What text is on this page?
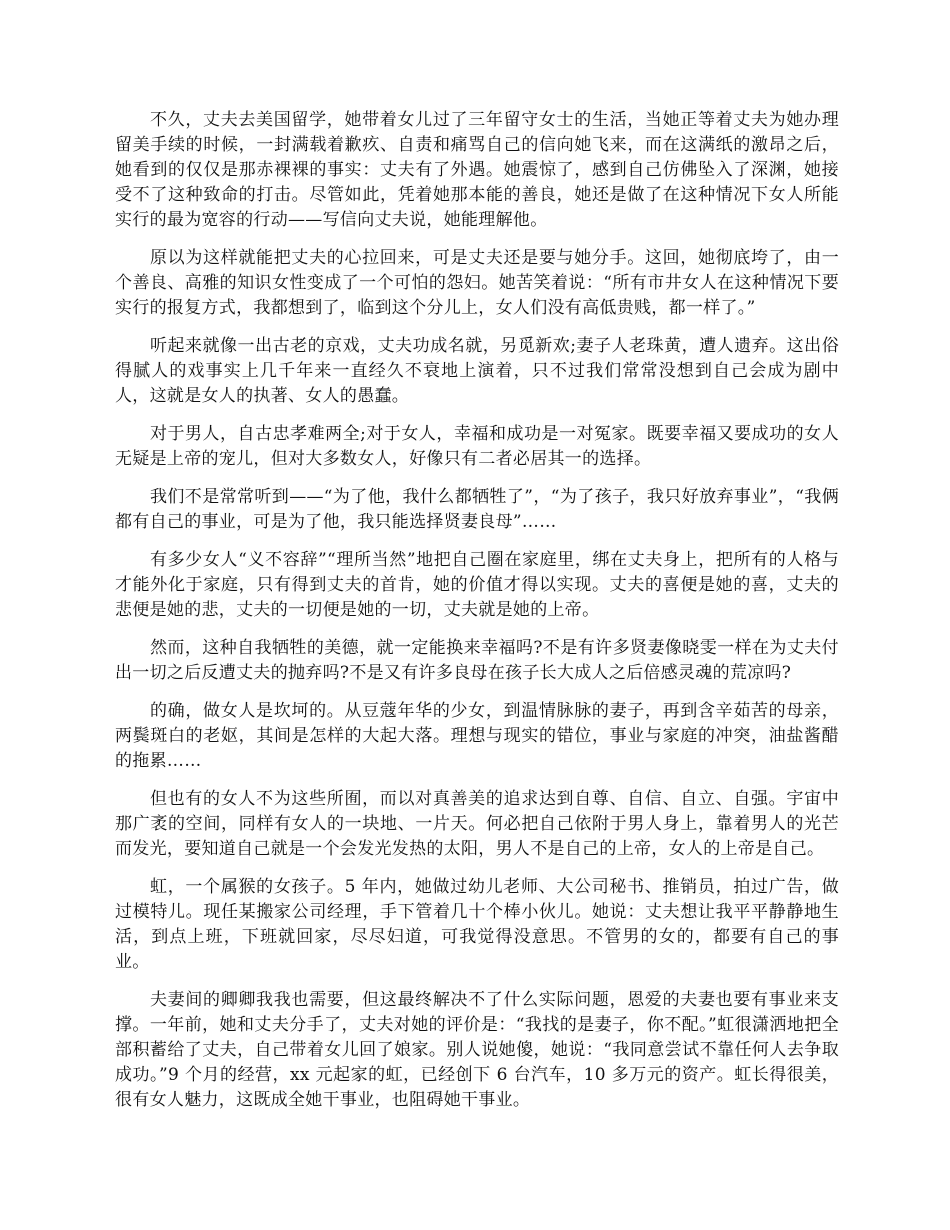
不久，丈夫去美国留学，她带着女儿过了三年留守女士的生活，当她正等着丈夫为她办理留美手续的时候，一封满载着歉疚、自责和痛骂自己的信向她飞来，而在这满纸的激昂之后，她看到的仅仅是那赤裸裸的事实：丈夫有了外遇。她震惊了，感到自己仿佛坠入了深渊，她接受不了这种致命的打击。尽管如此，凭着她那本能的善良，她还是做了在这种情况下女人所能实行的最为宽容的行动——写信向丈夫说，她能理解他。

原以为这样就能把丈夫的心拉回来，可是丈夫还是要与她分手。这回，她彻底垮了，由一个善良、高雅的知识女性变成了一个可怕的怨妇。她苦笑着说：“所有市井女人在这种情况下要实行的报复方式，我都想到了，临到这个分儿上，女人们没有高低贵贱，都一样了。”

听起来就像一出古老的京戏，丈夫功成名就，另觅新欢;妻子人老珠黄，遭人遗弃。这出俗得腻人的戏事实上几千年来一直经久不衰地上演着，只不过我们常常没想到自己会成为剧中人，这就是女人的执著、女人的愚蠢。

对于男人，自古忠孝难两全;对于女人，幸福和成功是一对冤家。既要幸福又要成功的女人无疑是上帝的宠儿，但对大多数女人，好像只有二者必居其一的选择。

我们不是常常听到——“为了他，我什么都牺牲了”，“为了孩子，我只好放弃事业”，“我俩都有自己的事业，可是为了他，我只能选择贤妻良母”……

有多少女人“义不容辞”“理所当然”地把自己圈在家庭里，绑在丈夫身上，把所有的人格与才能外化于家庭，只有得到丈夫的首肯，她的价值才得以实现。丈夫的喜便是她的喜，丈夫的悲便是她的悲，丈夫的一切便是她的一切，丈夫就是她的上帝。

然而，这种自我牺牲的美德，就一定能换来幸福吗?不是有许多贤妻像晓雯一样在为丈夫付出一切之后反遭丈夫的抛弃吗?不是又有许多良母在孩子长大成人之后倍感灵魂的荒凉吗?

的确，做女人是坎坷的。从豆蔻年华的少女，到温情脉脉的妻子，再到含辛茹苦的母亲，两鬓斑白的老妪，其间是怎样的大起大落。理想与现实的错位，事业与家庭的冲突，油盐酱醋的拖累……

但也有的女人不为这些所囿，而以对真善美的追求达到自尊、自信、自立、自强。宇宙中那广袤的空间，同样有女人的一块地、一片天。何必把自己依附于男人身上，靠着男人的光芒而发光，要知道自己就是一个会发光发热的太阳，男人不是自己的上帝，女人的上帝是自己。

虹，一个属猴的女孩子。5 年内，她做过幼儿老师、大公司秘书、推销员，拍过广告，做过模特儿。现任某搬家公司经理，手下管着几十个棒小伙儿。她说：丈夫想让我平平静静地生活，到点上班，下班就回家，尽尽妇道，可我觉得没意思。不管男的女的，都要有自己的事业。

夫妻间的卿卿我我也需要，但这最终解决不了什么实际问题，恩爱的夫妻也要有事业来支撑。一年前，她和丈夫分手了，丈夫对她的评价是：“我找的是妻子，你不配。”虹很潇洒地把全部积蓄给了丈夫，自己带着女儿回了娘家。别人说她傻，她说：“我同意尝试不靠任何人去争取成功。”9 个月的经营，xx 元起家的虹，已经创下 6 台汽车，10 多万元的资产。虹长得很美，很有女人魅力，这既成全她干事业，也阻碍她干事业。
